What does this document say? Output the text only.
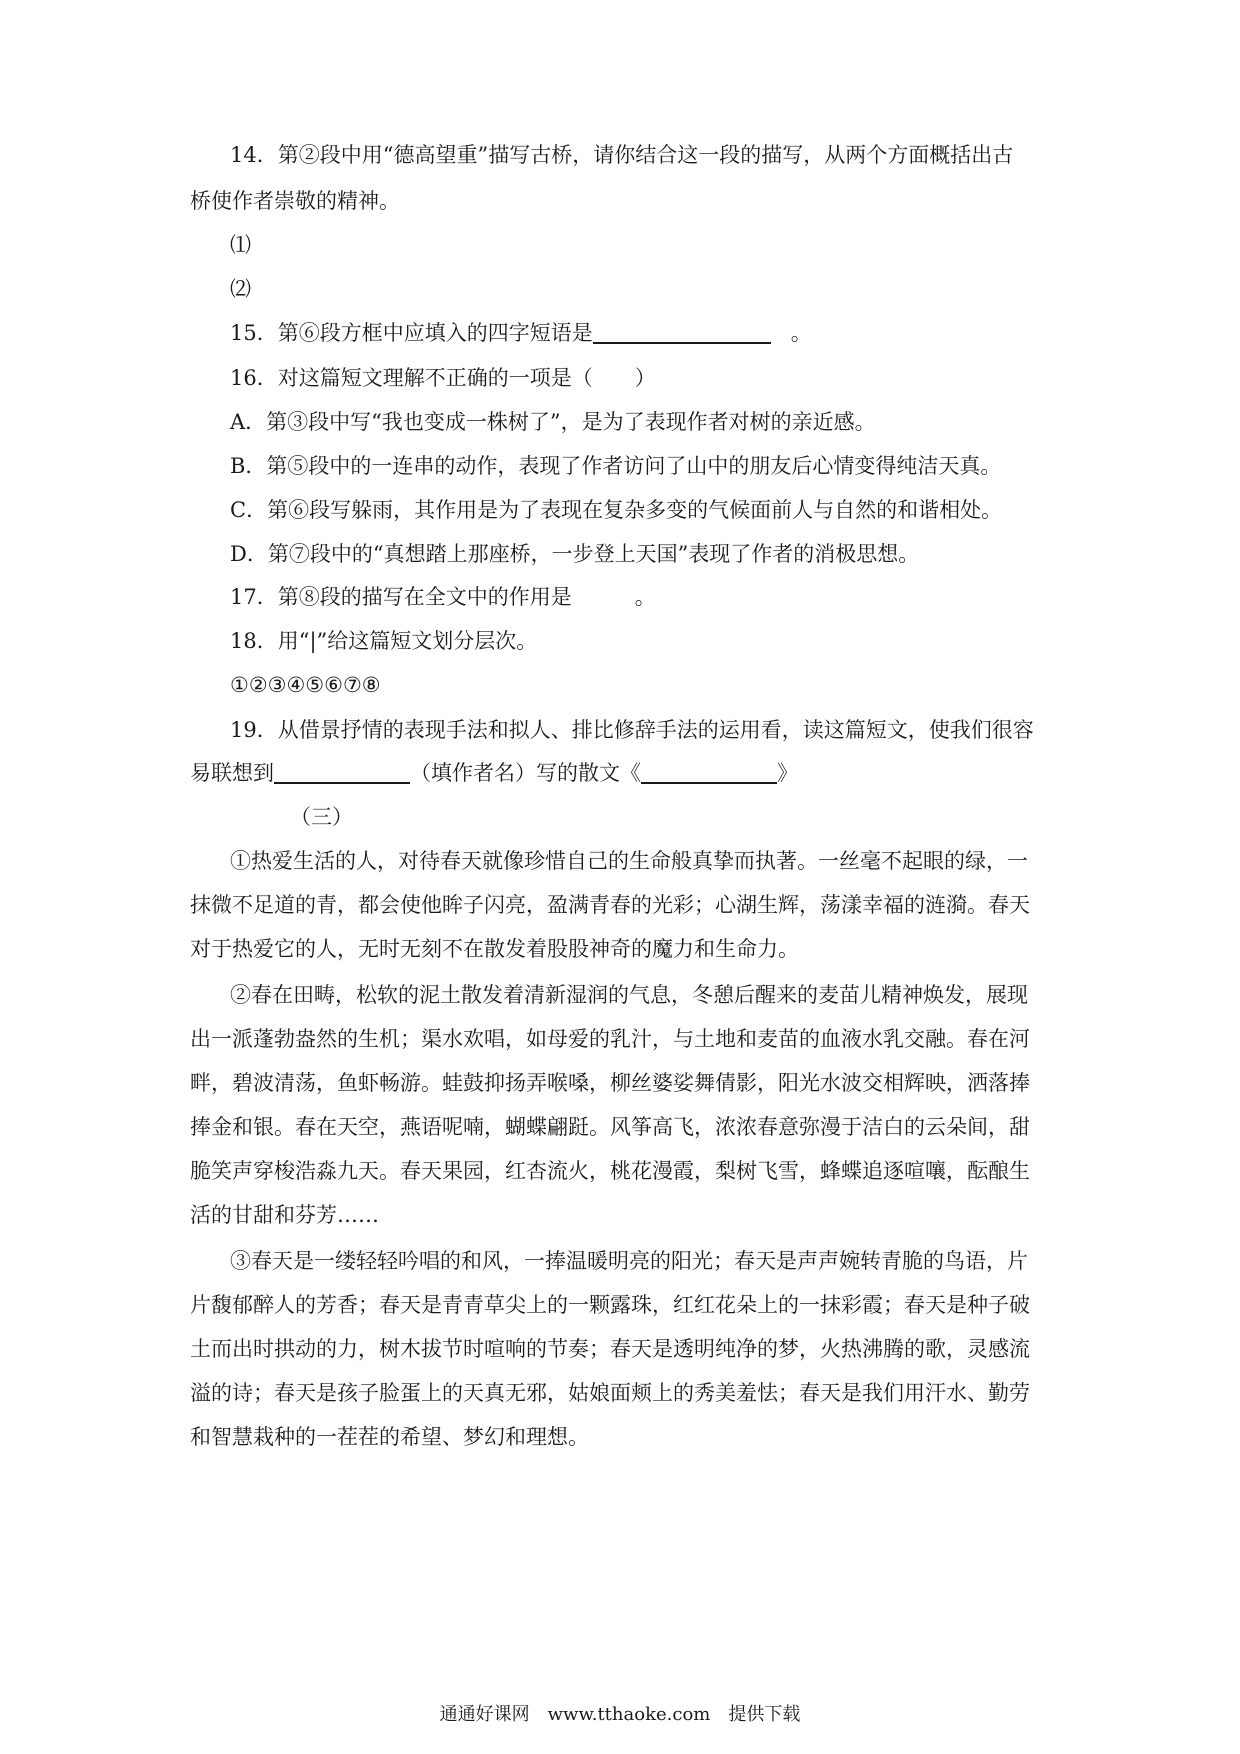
14．第②段中用“德高望重”描写古桥，请你结合这一段的描写，从两个方面概括出古
桥使作者崇敬的精神。
⑴
⑵
15．第⑥段方框中应填入的四字短语是	。
16．对这篇短文理解不正确的一项是（　　）
A．第③段中写“我也变成一株树了”，是为了表现作者对树的亲近感。
B．第⑤段中的一连串的动作，表现了作者访问了山中的朋友后心情变得纯洁天真。
C．第⑥段写躲雨，其作用是为了表现在复杂多变的气候面前人与自然的和谐相处。
D．第⑦段中的“真想踏上那座桥，一步登上天国”表现了作者的消极思想。
17．第⑧段的描写在全文中的作用是　　　。
18．用“|”给这篇短文划分层次。
①②③④⑤⑥⑦⑧
19．从借景抒情的表现手法和拟人、排比修辞手法的运用看，读这篇短文，使我们很容
易联想到	（填作者名）写的散文《	》
（三）
①热爱生活的人，对待春天就像珍惜自己的生命般真挚而执著。一丝毫不起眼的绿，一
抹微不足道的青，都会使他眸子闪亮，盈满青春的光彩；心湖生辉，荡漾幸福的涟漪。春天
对于热爱它的人，无时无刻不在散发着股股神奇的魔力和生命力。
②春在田畴，松软的泥土散发着清新湿润的气息，冬憩后醒来的麦苗儿精神焕发，展现
出一派蓬勃盎然的生机；渠水欢唱，如母爱的乳汁，与土地和麦苗的血液水乳交融。春在河
畔，碧波清荡，鱼虾畅游。蛙鼓抑扬弄喉嗓，柳丝婆娑舞倩影，阳光水波交相辉映，洒落捧
捧金和银。春在天空，燕语呢喃，蝴蝶翩跹。风筝高飞，浓浓春意弥漫于洁白的云朵间，甜
脆笑声穿梭浩淼九天。春天果园，红杏流火，桃花漫霞，梨树飞雪，蜂蝶追逐喧嚷，酝酿生
活的甘甜和芬芳……
③春天是一缕轻轻吟唱的和风，一捧温暖明亮的阳光；春天是声声婉转青脆的鸟语，片
片馥郁醉人的芳香；春天是青青草尖上的一颗露珠，红红花朵上的一抹彩霞；春天是种子破
土而出时拱动的力，树木拔节时喧响的节奏；春天是透明纯净的梦，火热沸腾的歌，灵感流
溢的诗；春天是孩子脸蛋上的天真无邪，姑娘面颊上的秀美羞怯；春天是我们用汗水、勤劳
和智慧栽种的一茬茬的希望、梦幻和理想。
通通好课网　www.tthaoke.com　提供下载
